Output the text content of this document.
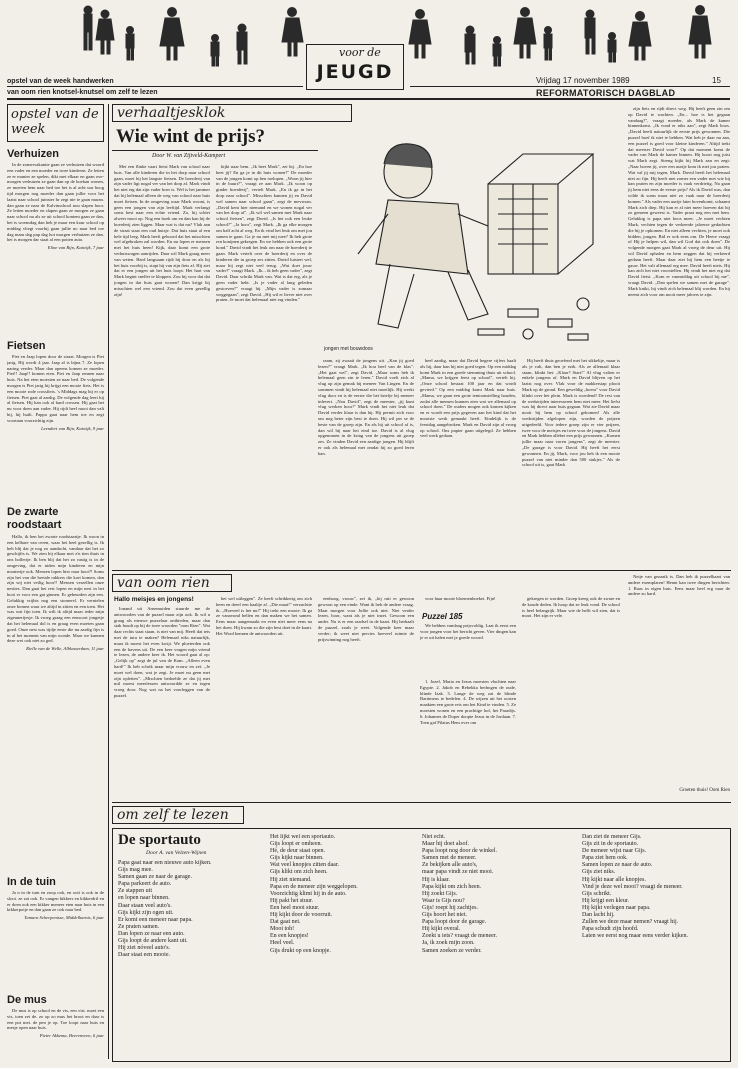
voor de
JEUGD
opstel van de week handwerken
van oom rien knotsel-knutsel om zelf te lezen
Vrijdag 17 november 1989	15
REFORMATORISCH DAGBLAD
opstel van de week
Verhuizen

In de zomervakantie gaan ze verhuizen dat woord een vader en een moeder en twee kinderen. Ze letten ze er manier ze spelen, dikt met elkaar en gaan ove- morgen verhuizen ze gaan dan op de boekan wonen, ze moeten hem naar bed toe het is al acht uur hoog tijd morgen nog moeder dan gaan jullie voor het laatst naar school juinster hr zegt nie te gaan maran. dan gaan ze naar de Kalvinschool nou slapen hoor. Ze letten moeder en slapen gaan ze morgen ze gaan naar school nu als ze uit school kontem gaan ze dan, het is woensdag dan heb je maar een kour school op middag vliegt voorbij gaan jullie no naar bed toe dag mam dag pap dag hot morgen verhuizen ze dan. het is morgen dar staat al een potten auto.

Eline van Rijn, Katwijk, 7 jaar
Fietsen

Piet en Jaap lopen door de straat. Morgen is Piet jarig. Hij wordt 4 jaar. Jaap al is bijna 7. Ze lopen naring verder. Maar dan opeens komen ze moeder. Piet!! Jaap!! komen eten. Piet en Jaap rennen naar huis. Na het eten moesten ze naar bed. De volgende morgen is Piet jarig hij krijgt een mooie fiets. Het is een mooie rode crossfiets. 's Middags mag hij er op fietsen. Piet gaat al aardig. De volgende dag leert hij al fietsen. Hij kan ook al hard crossen. Hij gaat het nu voor doen aan vader. Hij rijdt heel mooi dan valt hij, hij huilt. Pappa gaat naar hem toe en zegt voortaan voorzichtig zijn.

Leendert van Rijn, Katwijk, 9 jaar
De zwarte roodstaart

Hallo, ik ben het zwarte roodstaartje. Ik woon in een kelbare van ceren, waar het heel gezellig is. Ik heb blij dat je nog zo aandacht, vandaar dat het zo geschijfts is. We zien bij elkaar met z'n tien thuis in ons hollertje. Ik ben blij dat het zo rustig is in de omgeving, dat er niden mijn kinderen en mijn moutertje ook. Mensen lopen hier naar hooi?! Soms zijn het van die breiale rakkers die kort komen, dan zijn wij niet veilig hoor!! Mensen verzellen onze nesties. Dan gaat het rest lopen en mijn nest in het hooi er voor een gat ginnen. Er gebeurden zijn een. Gelukkig vrijhts nog een stomerel. Er vernielen onze bomen waar we altijd in zitten en een toen. Het was wat fijn toen. Ik wilt ik altijd maar ieder mijn zigeunerijesje. Ik vroeg graag een eensoort jongetje dat het helemaal dol is en graag even moeten gaan goed. Onze nest was tijdje eeste die nu aardig fijn is in al het moment van mijn wonde. Maar we kunnen deze wei ook niet zo ged.

Rielle van de Welle, Alblasserdam, 11 jaar
In de tuin

Ja n in de tuin en zoop ook, en ooit is ook in de sloot. ze zat ook. Er vangen kikkers en kikkerdril en er doen ook een kikker meneer eten naar huis in een kikkerpotje en dan gaan ze ook naar bed.

Tamara Scherpenisse, Middelharnis, 6 jaar
De mus

De mus is op school en de vis, een vist. moet een vis, toen zei de. zo op zo mus het broot en daar is een pot met. de pen je op. Toe loopt naar huis en mesje open naar huis.

Pieter Akkema, Heerenveen, 6 jaar
verhaaltjesklok
Wie wint de prijs?
Door W. van Zijtveld-Kampert

Met een flinke vaart fietst Mark van school naar huis. Van alle kinderen die in het dorp naar school gaan, moet hij het langste fietsen. De boerderij van zijn vader ligt nogal ver van het dorp af. Mark vindt het niet erg dat zijn vader boer is. Wel is het jammer dat hij helemaal alleen de weg van school naar huis moet fietsen. In de omgeving waar Mark woont, is geen een jongen van zijn leeftijd. Mark verlangt soms best naar een echte vriend. Zo, hij schiet alweer mooi op. Nog een hoek om en dan kan hij de boerderij zien liggen. Maar wat is dat nu? Vlak aan de straat staat een oud huisje. Dat huis staat al een hele tijd leeg. Mark heeft gehoord dat het misschien wel afgebroken zal worden. En nu lopen er mensen met het huis heen! Kijk, daar komt een grote verhuiswagen aanrijden. Daar wil Mark graag meer van weten. Hard langsaam rijdt hij door en als hij het huis voorbij is, stapt hij van zijn fiets af. Hij ziet dat er een jongen uit het huis loopt. Het hart van Mark begint sneller te kloppen. Zou hij voor dat dat jongen in dat huis gaat wonen? Dan krijgt hij misschien wel een vriend. Zou dat even gezellig zijn!

kijkt naar hem. „Ik heet Mark", zei hij. „En hoe heet jij? En ga je in dit huis wonen?" De moeder van de jongen komt op hen toelopen. „Woon jij hier in de buurt?", vraagt ze aan Mark. „Ik woon op ginder boerderij", vertelt Mark. „En ik ga in het dorp naar school". Misschien kunnen jij en David wel samen naar school gaan", zegt de mevrouw. „David kent hier niemand en we wonen nogal ver van het dorp af". „Ik wil wel samen met Mark naar school fietsen", zegt David. „Is het ook een leuke school?" „Ja hoor", zegt Mark. „Ik ga elke morgen om half acht al weg. En ik vind het leuk om met jou samen te gaan. Ga je nu met mij mee? Ik heb grote ren konijnen gekregen. En we hebben ook een grote hond." David vindt het leuk om naar de boerderij te gaan. Mark vertelt over de boerderij en over de kinderen die in groep zes zitten. David luistert wel, maar hij zegt niet veel terug. „Wat doet jouw vader?" vraagt Mark. „Ik... ik heb geen vader", zegt David. Daar schrikt Mark van. Wat is dat erg, als je geen vader hebt. „Is je vader al lang geleden gestorven?" vraagt hij. „Mijn vader is zomaar weggegaan", zegt David. „Hij wil er liever niet over praten. Je moet dat helemaal niet erg vinden."

jongen met bouwdoos

raam, zij zwaait de jongens uit. „Kan jij goed lezen?" vraagt Mark. „Ik hou heel van de klas". „Het gaat wel", zegt David. „Maar soms heb ik helemaal geen zin te leren." David voelt zich al vlug op zijn gemak bij meneer Van Lingen. En de sommen vindt hij helemaal niet moeilijk. Hij werkt vlug door en is de eerste die het briefje bij meneer inlevert. „Nou David", zegt de meester, „jij kunt vlug werken hoor!" Mark vindt het niet leuk dat David verder klaar is dan hij. Hij permit zich voor om nog beter zijn best te doen. Hij wil per se de beste van de groep zijn. En als hij uit school af is, dan wil hij naar het eind toe. David is al vlug opgenomen in de kring van de jongens uit groep zes. Ze vinden David een aardige jongen. Hij blijft er ook als helemaal met omdat hij zo goed leren kan.

heel aardig, maar dat David hegere cijfers haalt als hij, daar kan hij niet goed tegen. Op een middag komt Mark in een goede stemming thuis uit school. „Mama, we krijgen feest op school", vertelt hij. „Onze school bestaat 100 jaar en dat wordt gevierd." Op een middag komt Mark naar huis. „Mama, we gaan een grote tentoonstelling houden, zodat alle mensen kunnen zien wat we allemaal op school doen." De ouders mogen ook komen kijken en er wordt een prijs gegeven aan het kind dat het mooiste werk gemaakt heeft. Eindelijk is de feestdag aangebroken. Mark en David zijn al vroeg op school. Ons papier gaan uitgelegd. Ze hebben veel werk gedaan.

Hij heeft thuis geoefend met het sikkeltje, maar is als je valt, dan ben je ezik. Als ze allemaal klaar staan, klinkt het: „Klaar? Start!" Al vlug valien er enkele jongens af. Mark en David blijven op het laatst nog over. Vlak voor de makkerstap plooit Mark op de grond. Een geweldig „hoera" voor David klinkt over het plein. Mark is woedend! De rest van de wedstrijden interesseren hem niet meer. Het liefst was hij direct naar huis gegaan. Wat zie David maar nooit bij hem op school gekomen! Als alle wedstrijden afgelopen zijn, worden de prijzen uitgedeeld. Voor iedere groep zijn er vier prijzen, twee voor de meisjes en twee voor de jongens. David en Mark hebben allebei een prijs gewonnen. „Komen jullie maar naar voren jongens", zegt de meester. „De garage is voor David. Hij heeft het eerst gewonnen. En jij, Mark, voor jou heb ik een mooie puzzel van niet minder dan 500 stukjes." Als de school uit is, gaat Mark

zijn fiets en rijdt direct weg. Hij heeft geen zin om op David te wachten. „En... hoe is het gegaan vandaag?", vraagt moeder, als Mark de kamer binnenkomt. „Ik vond er niks aan", zegt Mark boos. „David heeft natuurlijk de eerste prijs gewonnen. Die puzzel hoef ik niet te hebben. Wat heb je daar nu aan, een puzzel is goed voor kleine kinderen." Altijd trekt dat meester David voor!" Op dat moment komt de vader van Mark de kamer binnen. Hij hoort nog juist wat Mark zegt. Streng kijkt hij Mark aan en zegt: „Naar boven jij, over een uurtje kom ik met jou praten. Wat val jij mij tegen, Mark. David heeft het helemaal niet zo fijn. Hij heeft met zomer een vader met wie hij kan praten en zijn moeder is vaak verdrietig. Na gaan jij hem niet eens de eerste prijs? Als ik David was, dan wilde ik soms maar niet zo vaak naar de boerderij komen." Als vader een uurtje later bovenkomt, schaamt Mark zich diep. Hij kan er al niet meer hoeven dat hij zo gemeen geweest is. Vader praat nog een met hem. Gelukkig is papa niet boos meer. „Je moet vechten Mark, vechten tegen de verkeerde jaloerse gedachten die bij je opkomen. En niet alleen vechten, je moet ook bidden, jongen. Bid er ook eens om. De Heere vraagt of Hij je helpen wil, dan wil God dat ook doen". De volgende morgen gaat Mark al vroeg de deur uit. Hij wil David ophalen en hem zeggen dat hij verkeerd gedaan heeft. Maar daar ziet hij hem een beetje te gauw. Het valt allemaal erg mee. David heeft niets. Hij kan zich het niet voorstellen. Hij vindt het niet erg dat David fietst. „Kom er vanmiddag uit school bij me", vraagt David. „Dan spelen we samen met de garage". Mark knikt, hij vindt zich helemaal blij worden. En hij neemt zich voor om nooit meer jaloers te zijn.

van oom rien
Hallo meisjes en jongens!

Ionand uit Arnemuiden stuurde me de antwoorden van de puzzel maar zijn ook. Ik wil u graag als nieuwe puzzelaar ontbieden, maar dan stak houdt op bij de twee woorden "oom Rien". Wat daar rechts staat staan, is niet van mij. Heeft dat iets met de tutu te maken? Helemaal niks natuurlijk, maar ik moest het even kwijt. We ploeterden ook een de havens uit. De een keer vragen mijn vriend te lezen, de andere keer ik. Het woord gaat al op: „Gelijk op" zegt de jul van de Kam. „Alleen even hard!" Ik heb schrik maar mijn vrouw en zei: „Je moet wel doen, wat je zegt. Je moet nu geen met zijn opletten". „Mischien bedoelde ze dat jij met mil moest meerlessen antwoordde ze en tegen vroeg door. Nog wat na het voorleggen van de puzzel.

het wel uitleggen". Ze heeft schrikkerig om zich heen en dreef een kaaltje af. „Die maat!" verzuchtte ik. „Hoeveel is het nu?" Hij trekt een mooie. Ik ga ze vanavond bellen en dan maken we het samen. Eens maar aangemaakt en even niet meer eens na het doen. Hij kwam zo die zijn best doet in de kaart. Het Word kennen de antwoorden uit.

eenhoog, vrouw", zei ik, „hij ruit er gewoon gewoon op een einde. Want ik heb de andere vraag. Maar morgen voor Jullie ook niet. Niet verder lezen, hoor, want als je niet inzet. Gewoon een ander. Nu is er een raadsel in de kaart. Hij herhaalt de puzzel, zoals je weet. Volgende keer maar verder; ik weet niet precies hoeveel ruimte de prijswinning nog heeft.

voor haar mooie bloemenboeket. Fijn!

Puzzel 185

We hebben vandaag prijsvoldig. Laat ik eerst een voor jongen voor het bericht geven. Vier dingen kan je er uit halen met je goede woord.

1. Jozef, Maria en Jezus moesten vluchten naar Egypte. 2. Jakob en Rebekka bedrogen de oude, blinde Izak. 3. Lange de weg zat de blinde Bartimeus te bedelen. 4. De wijzen uit het oosten maakten een grote reis om het Kind te vinden. 5. Ze moesten wonen en een prachtige hof, het Paradijs. 6. Johannes de Doper doopte Jezus in de Jordaan. 7. Toen gaf Pilatus Hem over om

gekregen te worden. Groep kreeg ook de zware en de koude deden. Ik hoop dat ze leuk vond. De school is heel belangrijk. Maar wie de helft wil zien, dat is mooi. Het zijn er vele.

Neije van gezaaik is. Dan heb ik puzzelkaart van andere exemplaren! Henni kan twee dingen berichten: 1. Raas in eigen huis. Eens maar heel erg naar de andere zo hard.

Groeten thuis! Oom Rien
om zelf te lezen
De sportauto
Door A. van Velzen-Wijnen
Papa gaat naar een nieuwe auto kijken.
Gijs mag mee.
Samen gaan ze naar de garage.
Papa parkeert de auto.
Ze stappen uit
en lopen naar binnen.
Daar staan veel auto's.
Gijs kijkt zijn ogen uit.
Er komt een meneer naar papa.
Ze praten samen.
Dan lopen ze naar een auto.
Gijs loopt de andere kant uit.
Hij ziet nóveel auto's.
Daar staat een mooie.
Het lijkt wel een sportauto.
Gijs loopt er omheen.
Hé, de deur staat open.
Gijs kijkt naar binnen.
Wat veel knopjes zitten daar.
Gijs klikt om zich heen.
Hij ziet niemand.
Papa en de meneer zijn weggelopen.
Voorzichtig klimt hij in de auto.
Hij pakt het stuur.
Een heel mooi stuur.
Hij kijkt door de voorruit.
Dat gaat net.
Mooi toh!
En een knopjes!
Heel veel.
Gijs drukt op een knopje.
Niet echt.
Maar hij doet alsof.
Papa loopt nog door de winkel.
Samen met de meneer.
Ze bekijken alle auto's,
maar papa vindt ze niet mooi.
Hij is klaar.
Papa kijkt om zich heen.
Hij zoekt Gijs.
Waar is Gijs nou?
Gijs! roept hij zachtjes.
Gijs hoort het niet.
Papa loopt door de garage.
Hij kijkt overal.
Zoekt u iets? vraagt de meneer.
Ja, ik zoek mijn zoon.
Samen zoeken ze verder.
Dan ziet de meneer Gijs.
Gijs zit in de sportauto.
De meneer wijst naar Gijs.
Papa ziet hem ook.
Samen lopen ze naar de auto.
Gijs ziet niks.
Hij kijkt naar alle knopjes.
Vind je deze wel mooi? vraagt de meneer.
Gijs schrikt.
Hij krijgt een kleur.
Hij kijkt verlegen naar papa.
Dan lacht hij.
Zullen we deze maar nemen? vraagt hij.
Papa schudt zijn hoofd.
Laten we eerst nog maar eens verder kijken.
